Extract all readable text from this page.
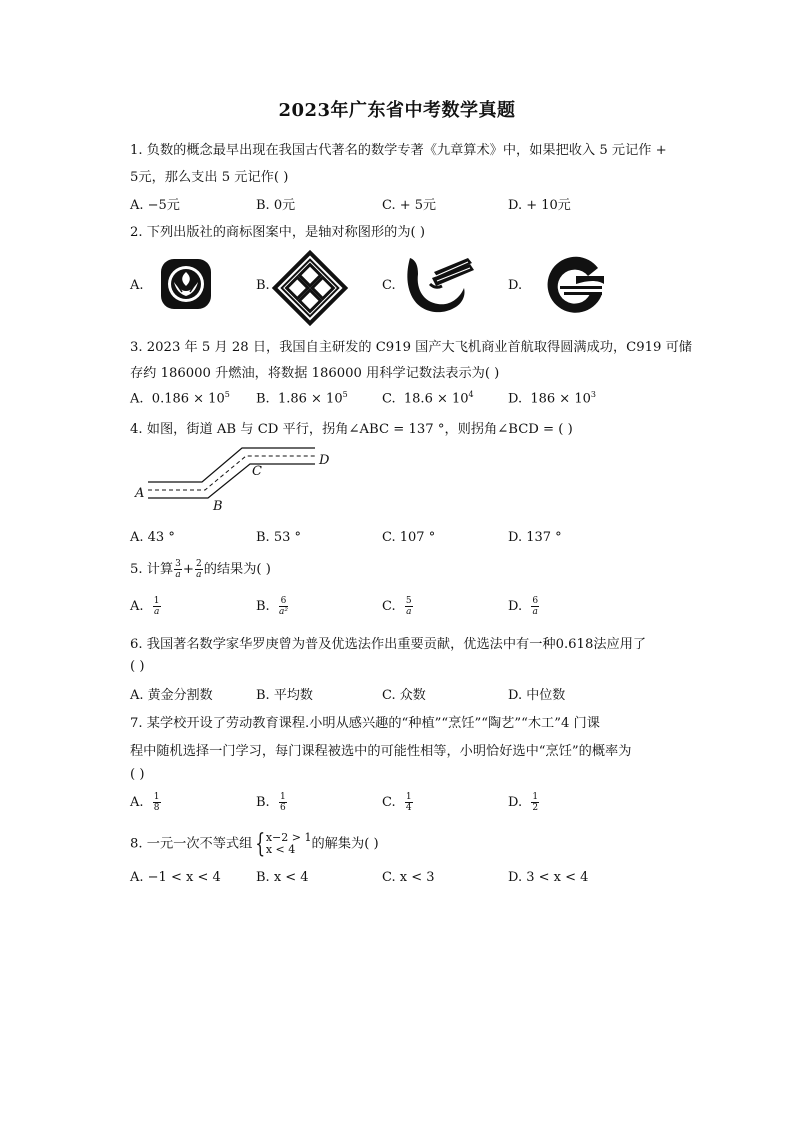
2023年广东省中考数学真题
1. 负数的概念最早出现在我国古代著名的数学专著《九章算术》中，如果把收入 5 元记作 +
5元，那么支出 5 元记作( )
A. −5元	B. 0元	C. + 5元	D. + 10元
2. 下列出版社的商标图案中，是轴对称图形的为( )
A.	B.	C.	D.
3. 2023 年 5 月 28 日，我国自主研发的 C919 国产大飞机商业首航取得圆满成功，C919 可储
存约 186000 升燃油，将数据 186000 用科学记数法表示为( )
A. $0.186 \times 10^5$ B. $1.86 \times 10^5$	C. $18.6 \times 10^4$	D. $186 \times 10^3$
4. 如图，街道 AB 与 CD 平行，拐角∠ABC = 137 °，则拐角∠BCD = ( )
A
B
C
D
A. 43 °	B. 53 °	C. 107 °	D. 137 °
5. 计算 $\frac{3}{a} + \frac{2}{a}$ 的结果为( )
A. $\frac{1}{a}$	B. $\frac{6}{\text{a²}}$	C. $\frac{5}{a}$	D. $\frac{6}{a}$
6. 我国著名数学家华罗庚曾为普及优选法作出重要贡献，优选法中有一种0.618法应用了
( )
A. 黄金分割数	B. 平均数	C. 众数	D. 中位数
7. 某学校开设了劳动教育课程.小明从感兴趣的“种植”“烹饪”“陶艺”“木工”4 门课
程中随机选择一门学习，每门课程被选中的可能性相等，小明恰好选中“烹饪”的概率为
( )
A. $\frac{1}{8}$	B. $\frac{1}{6}$	C. $\frac{1}{4}$	D. $\frac{1}{2}$
8. 一元一次不等式组 { x−2 > 1
x < 4	的解集为( )
A. −1 < x < 4	B. x < 4	C. x < 3	D. 3 < x < 4
